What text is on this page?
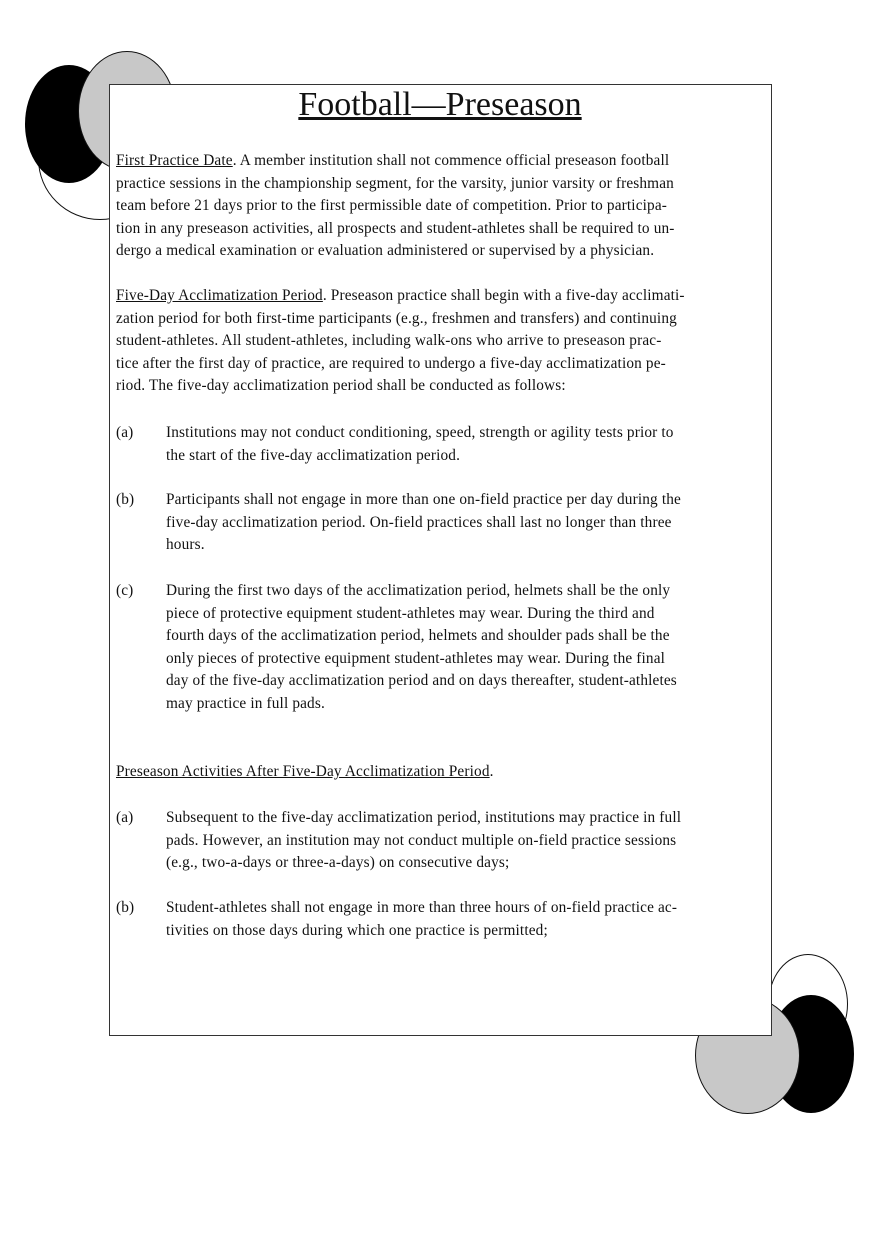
Football—Preseason
First Practice Date. A member institution shall not commence official preseason football
practice sessions in the championship segment, for the varsity, junior varsity or freshman
team before 21 days prior to the first permissible date of competition. Prior to participa-
tion in any preseason activities, all prospects and student-athletes shall be required to un-
dergo a medical examination or evaluation administered or supervised by a physician.
Five-Day Acclimatization Period. Preseason practice shall begin with a five-day acclimati-
zation period for both first-time participants (e.g., freshmen and transfers) and continuing
student-athletes. All student-athletes, including walk-ons who arrive to preseason prac-
tice after the first day of practice, are required to undergo a five-day acclimatization pe-
riod. The five-day acclimatization period shall be conducted as follows:
(a) Institutions may not conduct conditioning, speed, strength or agility tests prior to
the start of the five-day acclimatization period.
(b) Participants shall not engage in more than one on-field practice per day during the
five-day acclimatization period. On-field practices shall last no longer than three
hours.
(c) During the first two days of the acclimatization period, helmets shall be the only
piece of protective equipment student-athletes may wear. During the third and
fourth days of the acclimatization period, helmets and shoulder pads shall be the
only pieces of protective equipment student-athletes may wear. During the final
day of the five-day acclimatization period and on days thereafter, student-athletes
may practice in full pads.
Preseason Activities After Five-Day Acclimatization Period.
(a) Subsequent to the five-day acclimatization period, institutions may practice in full
pads. However, an institution may not conduct multiple on-field practice sessions
(e.g., two-a-days or three-a-days) on consecutive days;
(b) Student-athletes shall not engage in more than three hours of on-field practice ac-
tivities on those days during which one practice is permitted;
